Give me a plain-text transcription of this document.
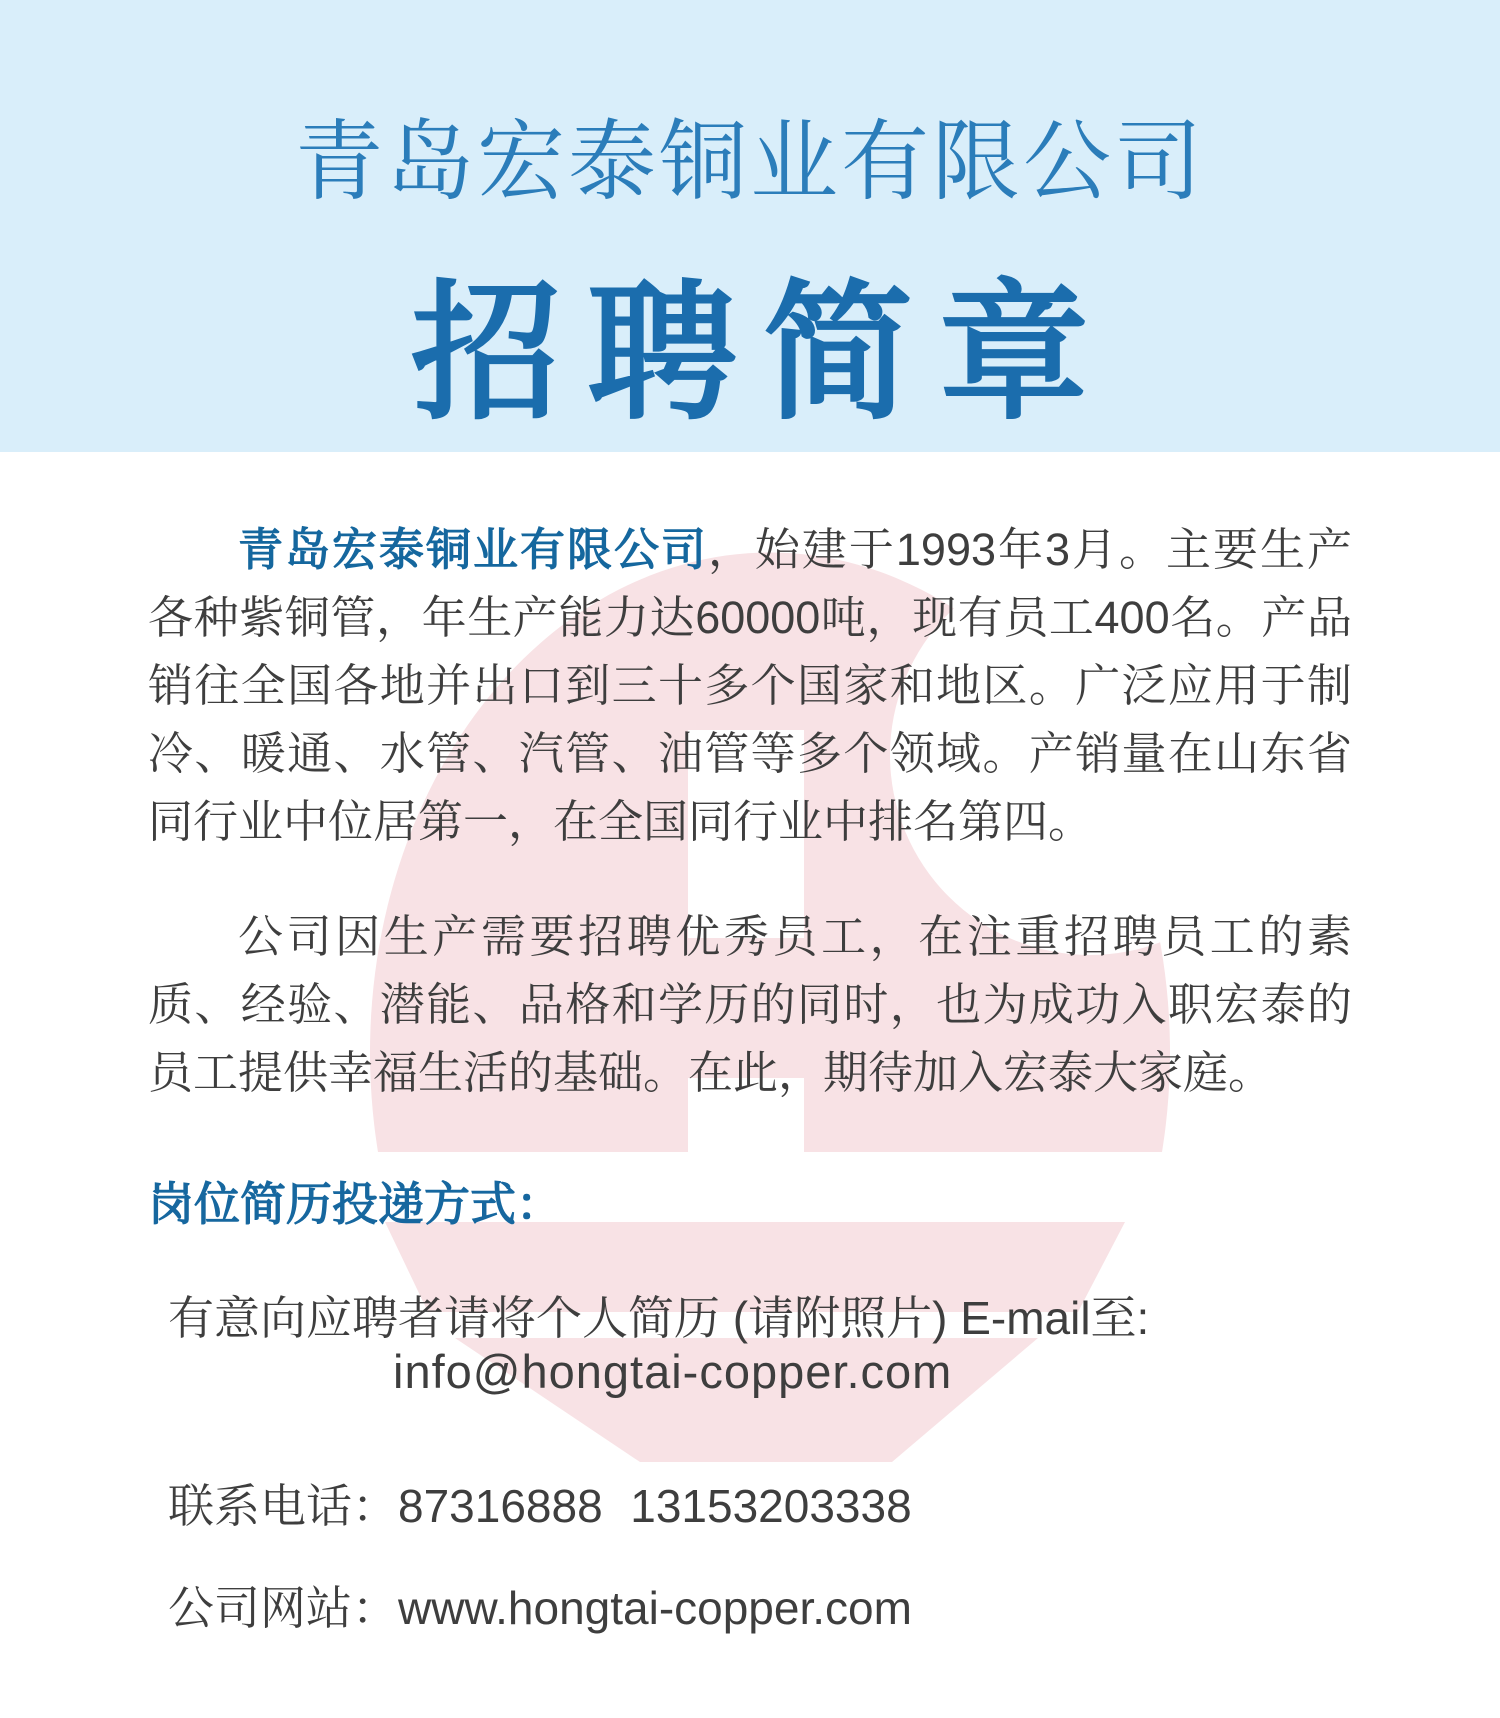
青岛宏泰铜业有限公司
招聘简章

青岛宏泰铜业有限公司，始建于1993年3月。主要生产各种紫铜管，年生产能力达60000吨，现有员工400名。产品销往全国各地并出口到三十多个国家和地区。广泛应用于制冷、暖通、水管、汽管、油管等多个领域。产销量在山东省同行业中位居第一，在全国同行业中排名第四。

公司因生产需要招聘优秀员工，在注重招聘员工的素质、经验、潜能、品格和学历的同时，也为成功入职宏泰的员工提供幸福生活的基础。在此，期待加入宏泰大家庭。

岗位简历投递方式：

有意向应聘者请将个人简历 (请附照片) E-mail至:

info@hongtai-copper.com

联系电话：87316888 13153203338

公司网站：www.hongtai-copper.com
